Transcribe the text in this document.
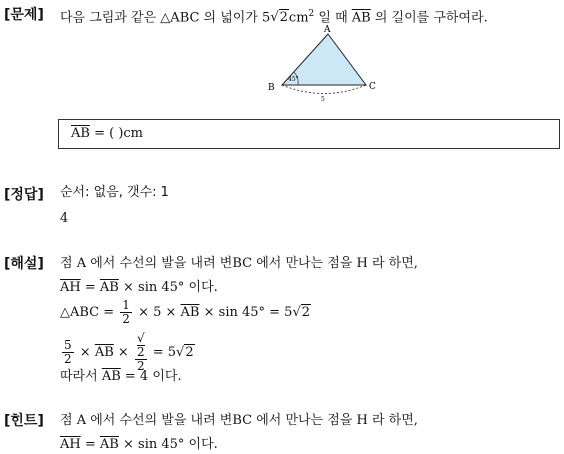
[문제] 다음 그림과 같은 △ABC 의 넓이가 $5√2cm^2$ 일 때 $\overline{AB}$ 의 길이를 구하여라.
A
B	C
45°
5
$\overline{AB}$ = ( )cm
[정답] 순서: 없음, 갯수: 1
4
[해설] 점 A 에서 수선의 발을 내려 변BC 에서 만나는 점을 H 라 하면,
$\overline{AH} = \overline{AB} \times \sin 45^\circ$ 이다.
△ABC = $\frac{1}{2} \times 5 \times \overline{AB} \times \sin 45^\circ = 5√2$
$\frac{5}{2} \times \overline{AB}$ × √
2
2 = 5√2
따라서 $\overline{AB} = 4$ 이다.
[힌트] 점 A 에서 수선의 발을 내려 변BC 에서 만나는 점을 H 라 하면,
$\overline{AH} = \overline{AB} \times \sin 45^\circ$ 이다.
